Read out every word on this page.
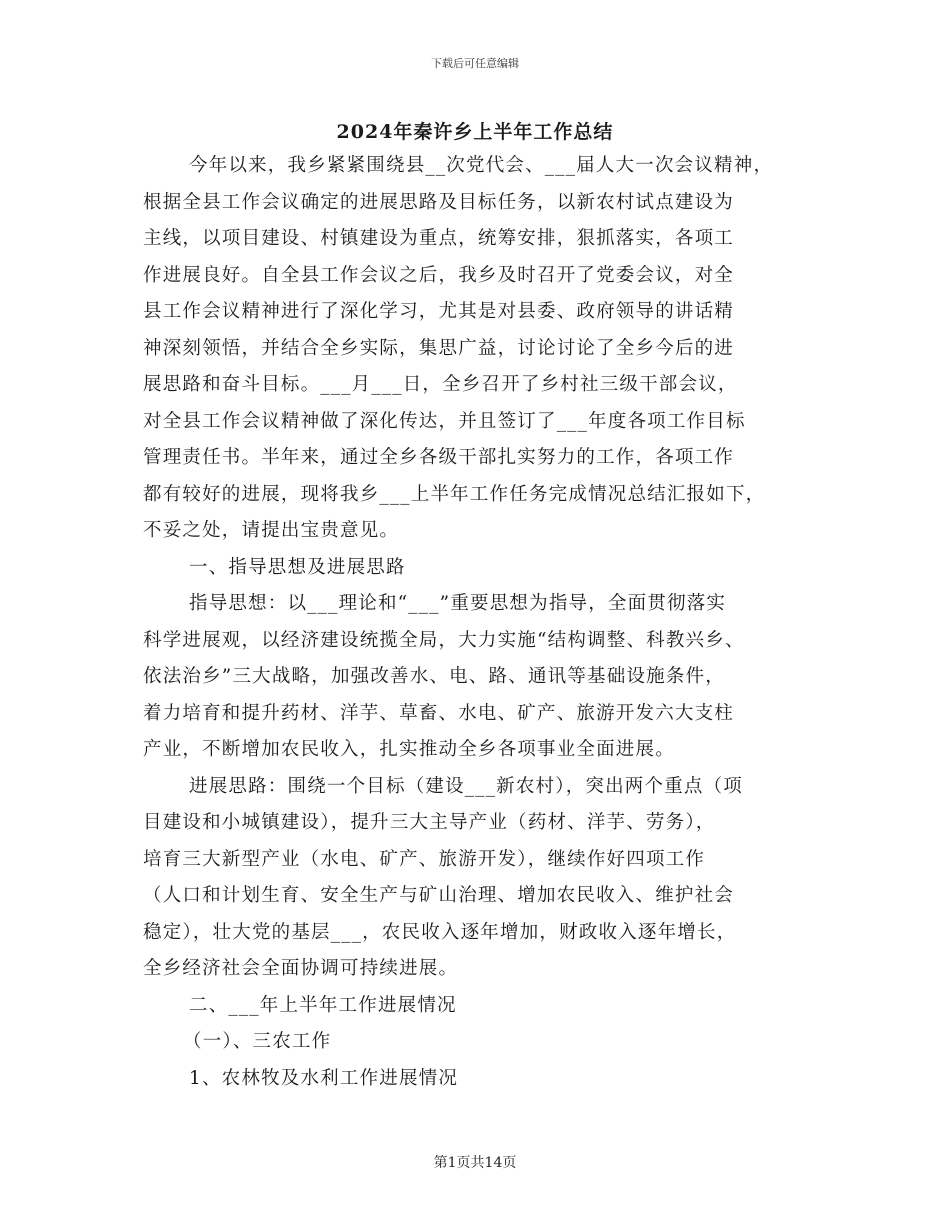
下载后可任意编辑
2024年秦许乡上半年工作总结
今年以来，我乡紧紧围绕县__次党代会、___届人大一次会议精神，
根据全县工作会议确定的进展思路及目标任务，以新农村试点建设为
主线，以项目建设、村镇建设为重点，统筹安排，狠抓落实，各项工
作进展良好。自全县工作会议之后，我乡及时召开了党委会议，对全
县工作会议精神进行了深化学习，尤其是对县委、政府领导的讲话精
神深刻领悟，并结合全乡实际，集思广益，讨论讨论了全乡今后的进
展思路和奋斗目标。___月___日，全乡召开了乡村社三级干部会议，
对全县工作会议精神做了深化传达，并且签订了___年度各项工作目标
管理责任书。半年来，通过全乡各级干部扎实努力的工作，各项工作
都有较好的进展，现将我乡___上半年工作任务完成情况总结汇报如下，
不妥之处，请提出宝贵意见。
一、指导思想及进展思路
指导思想：以___理论和“___”重要思想为指导，全面贯彻落实
科学进展观，以经济建设统揽全局，大力实施“结构调整、科教兴乡、
依法治乡”三大战略，加强改善水、电、路、通讯等基础设施条件，
着力培育和提升药材、洋芋、草畜、水电、矿产、旅游开发六大支柱
产业，不断增加农民收入，扎实推动全乡各项事业全面进展。
进展思路：围绕一个目标（建设___新农村），突出两个重点（项
目建设和小城镇建设），提升三大主导产业（药材、洋芋、劳务），
培育三大新型产业（水电、矿产、旅游开发），继续作好四项工作
（人口和计划生育、安全生产与矿山治理、增加农民收入、维护社会
稳定），壮大党的基层___，农民收入逐年增加，财政收入逐年增长，
全乡经济社会全面协调可持续进展。
二、___年上半年工作进展情况
（一）、三农工作
1、农林牧及水利工作进展情况
第1页共14页
